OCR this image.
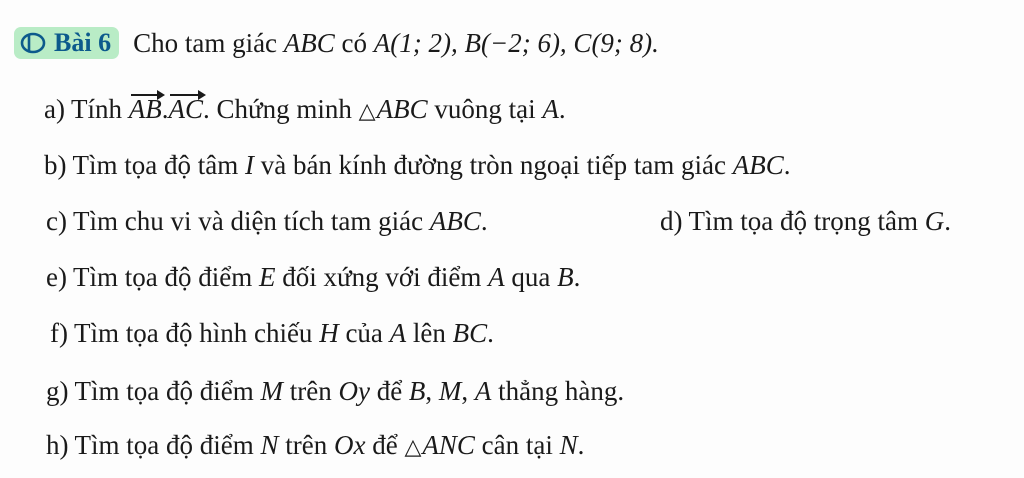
Bài 6 Cho tam giác ABC có A(1; 2), B(−2; 6), C(9; 8).
a) Tính AB.AC. Chứng minh △ABC vuông tại A.
b) Tìm tọa độ tâm I và bán kính đường tròn ngoại tiếp tam giác ABC.
c) Tìm chu vi và diện tích tam giác ABC.	d) Tìm tọa độ trọng tâm G.
e) Tìm tọa độ điểm E đối xứng với điểm A qua B.
f) Tìm tọa độ hình chiếu H của A lên BC.
g) Tìm tọa độ điểm M trên Oy để B, M, A thẳng hàng.
h) Tìm tọa độ điểm N trên Ox để △ANC cân tại N.
